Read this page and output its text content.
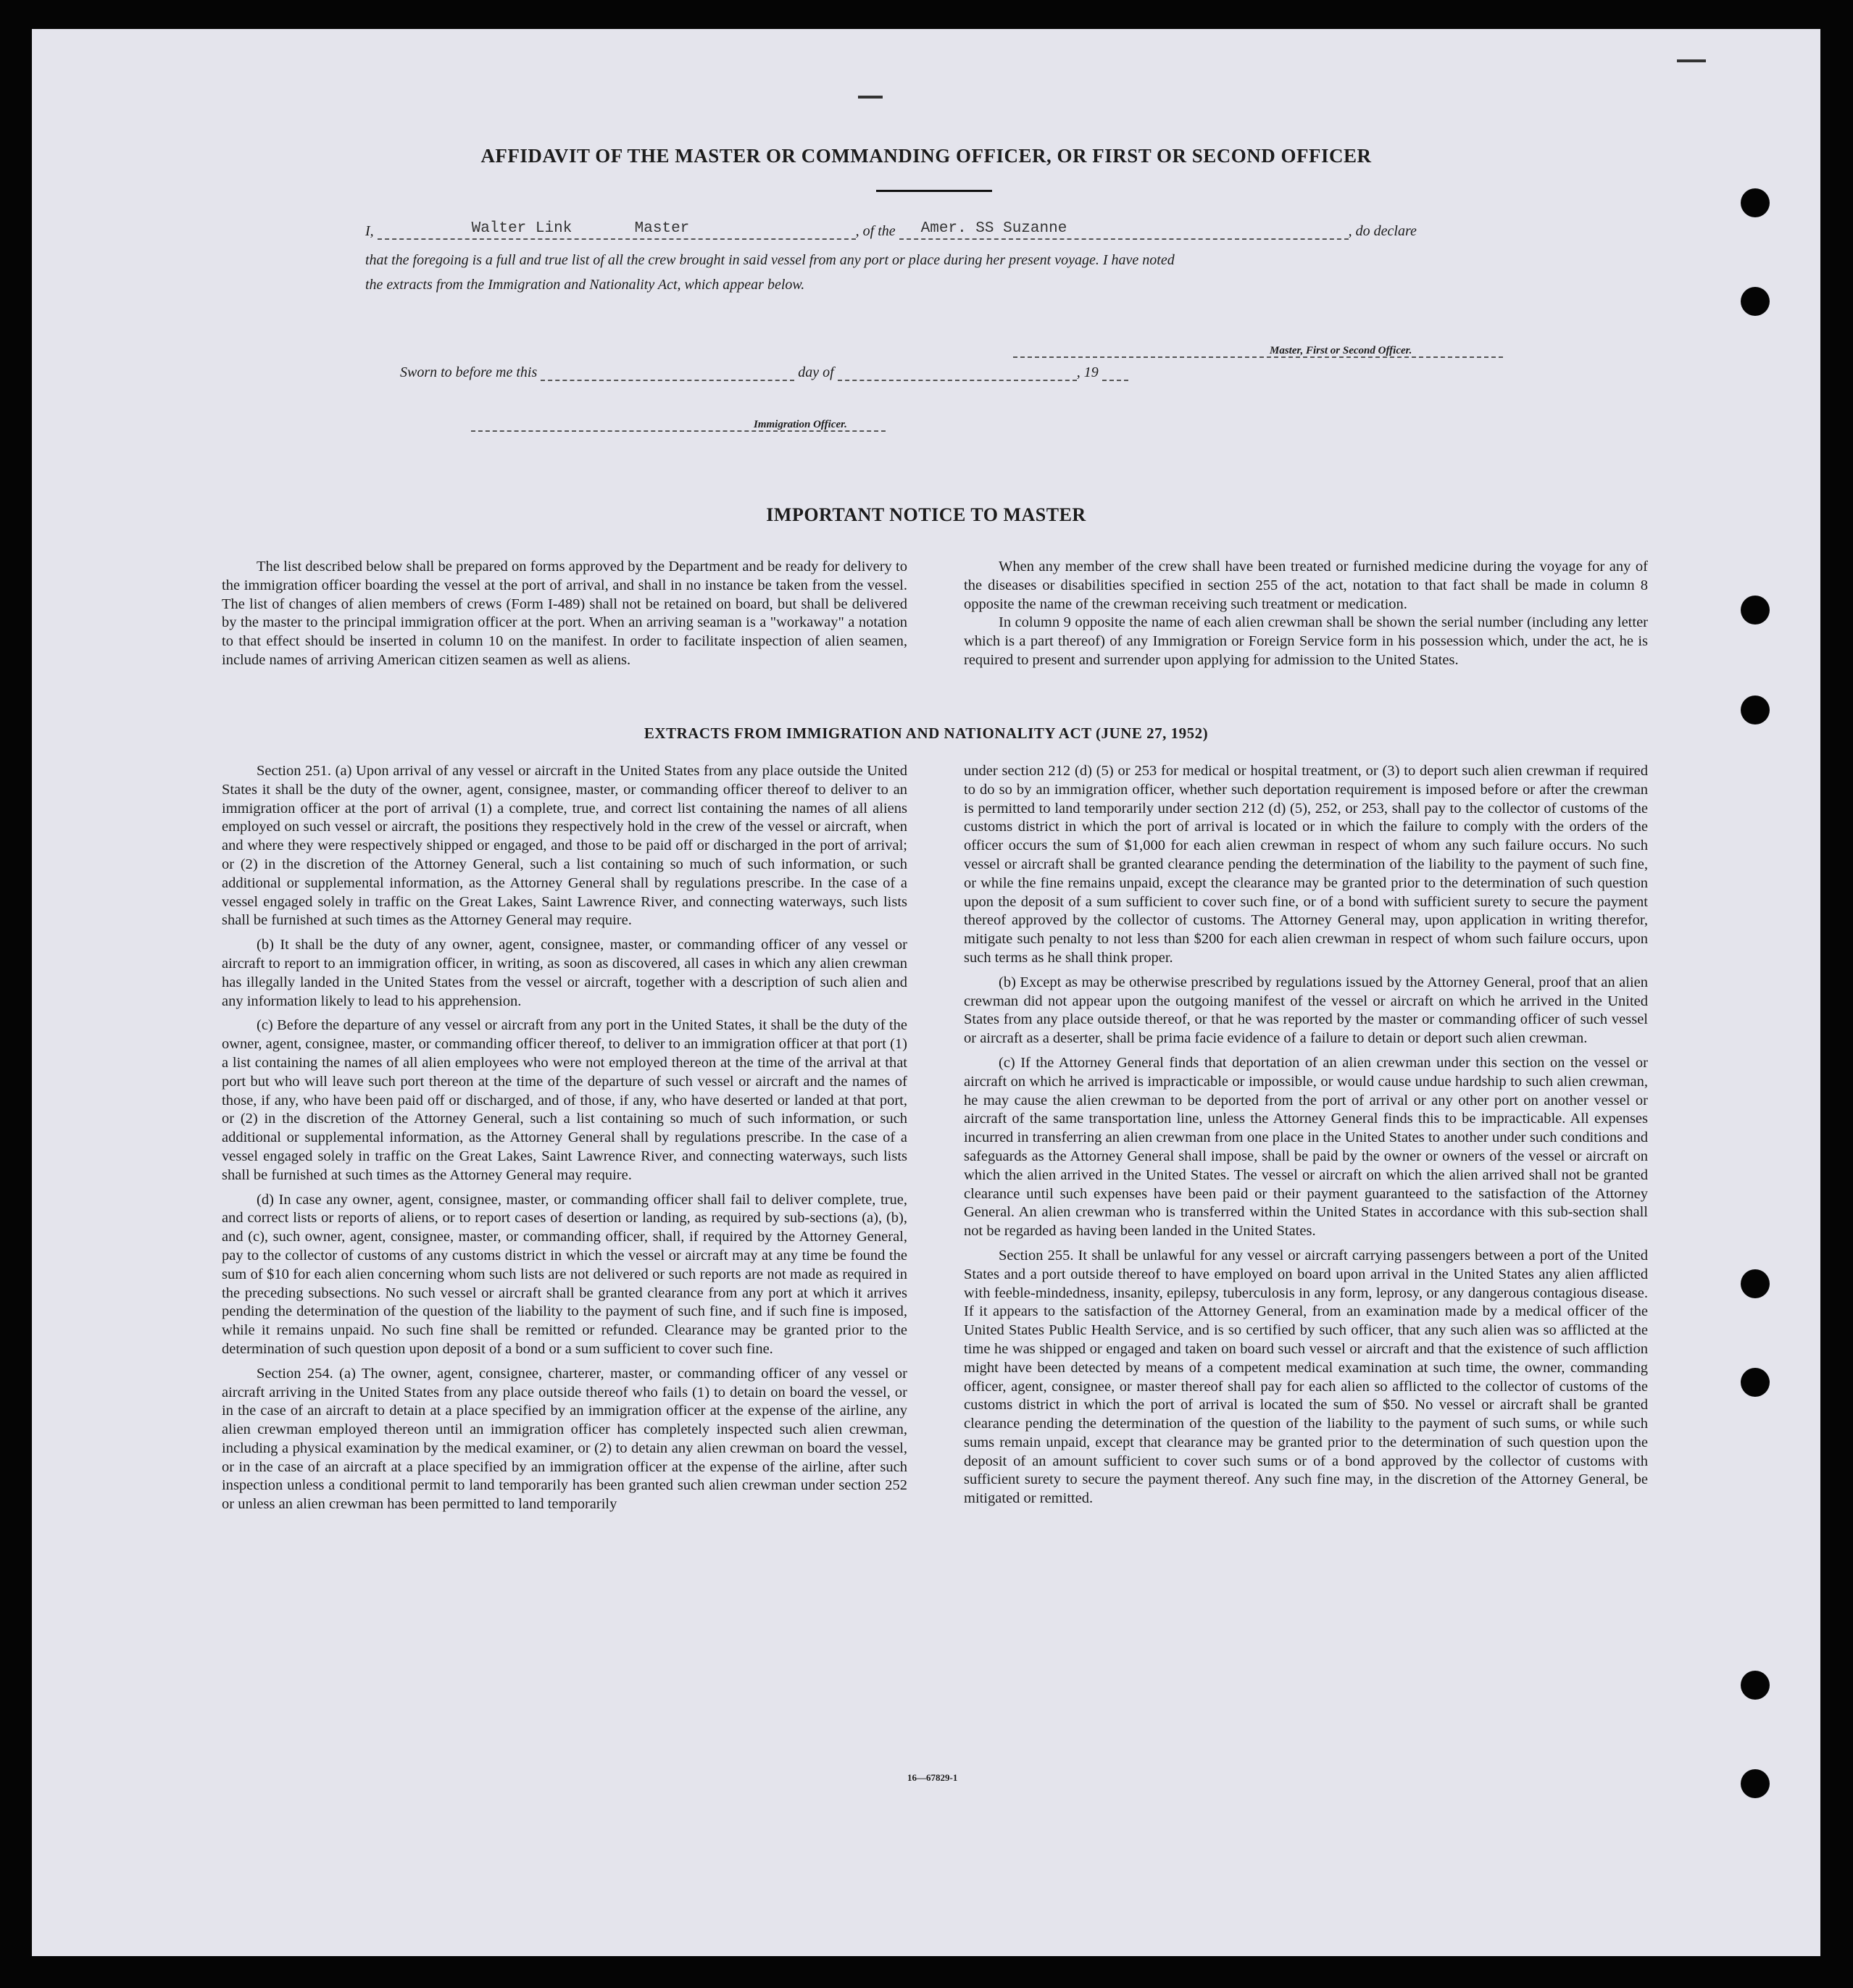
AFFIDAVIT OF THE MASTER OR COMMANDING OFFICER, OR FIRST OR SECOND OFFICER
I,	Walter Link	Master	, of the Amer. SS Suzanne	, do declare
that the foregoing is a full and true list of all the crew brought in said vessel from any port or place during her present voyage. I have noted
the extracts from the Immigration and Nationality Act, which appear below.
Master, First or Second Officer.
Sworn to before me this	day of	, 19
Immigration Officer.
IMPORTANT NOTICE TO MASTER

The list described below shall be prepared on forms approved by the Department and be ready for delivery to the immigration officer boarding the vessel at the port of arrival, and shall in no instance be taken from the vessel. The list of changes of alien members of crews (Form I-489) shall not be retained on board, but shall be delivered by the master to the principal immigration officer at the port. When an arriving seaman is a "workaway" a notation to that effect should be inserted in column 10 on the manifest. In order to facilitate inspection of alien seamen, include names of arriving American citizen seamen as well as aliens.

When any member of the crew shall have been treated or furnished medicine during the voyage for any of the diseases or disabilities specified in section 255 of the act, notation to that fact shall be made in column 8 opposite the name of the crewman receiving such treatment or medication.

In column 9 opposite the name of each alien crewman shall be shown the serial number (including any letter which is a part thereof) of any Immigration or Foreign Service form in his possession which, under the act, he is required to present and surrender upon applying for admission to the United States.

EXTRACTS FROM IMMIGRATION AND NATIONALITY ACT (JUNE 27, 1952)

Section 251. (a) Upon arrival of any vessel or aircraft in the United States from any place outside the United States it shall be the duty of the owner, agent, consignee, master, or commanding officer thereof to deliver to an immigration officer at the port of arrival (1) a complete, true, and correct list containing the names of all aliens employed on such vessel or aircraft, the positions they respectively hold in the crew of the vessel or aircraft, when and where they were respectively shipped or engaged, and those to be paid off or discharged in the port of arrival; or (2) in the discretion of the Attorney General, such a list containing so much of such information, or such additional or supplemental information, as the Attorney General shall by regulations prescribe. In the case of a vessel engaged solely in traffic on the Great Lakes, Saint Lawrence River, and connecting waterways, such lists shall be furnished at such times as the Attorney General may require.

(b) It shall be the duty of any owner, agent, consignee, master, or commanding officer of any vessel or aircraft to report to an immigration officer, in writing, as soon as discovered, all cases in which any alien crewman has illegally landed in the United States from the vessel or aircraft, together with a description of such alien and any information likely to lead to his apprehension.

(c) Before the departure of any vessel or aircraft from any port in the United States, it shall be the duty of the owner, agent, consignee, master, or commanding officer thereof, to deliver to an immigration officer at that port (1) a list containing the names of all alien employees who were not employed thereon at the time of the arrival at that port but who will leave such port thereon at the time of the departure of such vessel or aircraft and the names of those, if any, who have been paid off or discharged, and of those, if any, who have deserted or landed at that port, or (2) in the discretion of the Attorney General, such a list containing so much of such information, or such additional or supplemental information, as the Attorney General shall by regulations prescribe. In the case of a vessel engaged solely in traffic on the Great Lakes, Saint Lawrence River, and connecting waterways, such lists shall be furnished at such times as the Attorney General may require.

(d) In case any owner, agent, consignee, master, or commanding officer shall fail to deliver complete, true, and correct lists or reports of aliens, or to report cases of desertion or landing, as required by sub-sections (a), (b), and (c), such owner, agent, consignee, master, or commanding officer, shall, if required by the Attorney General, pay to the collector of customs of any customs district in which the vessel or aircraft may at any time be found the sum of $10 for each alien concerning whom such lists are not delivered or such reports are not made as required in the preceding subsections. No such vessel or aircraft shall be granted clearance from any port at which it arrives pending the determination of the question of the liability to the payment of such fine, and if such fine is imposed, while it remains unpaid. No such fine shall be remitted or refunded. Clearance may be granted prior to the determination of such question upon deposit of a bond or a sum sufficient to cover such fine.

Section 254. (a) The owner, agent, consignee, charterer, master, or commanding officer of any vessel or aircraft arriving in the United States from any place outside thereof who fails (1) to detain on board the vessel, or in the case of an aircraft to detain at a place specified by an immigration officer at the expense of the airline, any alien crewman employed thereon until an immigration officer has completely inspected such alien crewman, including a physical examination by the medical examiner, or (2) to detain any alien crewman on board the vessel, or in the case of an aircraft at a place specified by an immigration officer at the expense of the airline, after such inspection unless a conditional permit to land temporarily has been granted such alien crewman under section 252 or unless an alien crewman has been permitted to land temporarily

under section 212 (d) (5) or 253 for medical or hospital treatment, or (3) to deport such alien crewman if required to do so by an immigration officer, whether such deportation requirement is imposed before or after the crewman is permitted to land temporarily under section 212 (d) (5), 252, or 253, shall pay to the collector of customs of the customs district in which the port of arrival is located or in which the failure to comply with the orders of the officer occurs the sum of $1,000 for each alien crewman in respect of whom any such failure occurs. No such vessel or aircraft shall be granted clearance pending the determination of the liability to the payment of such fine, or while the fine remains unpaid, except the clearance may be granted prior to the determination of such question upon the deposit of a sum sufficient to cover such fine, or of a bond with sufficient surety to secure the payment thereof approved by the collector of customs. The Attorney General may, upon application in writing therefor, mitigate such penalty to not less than $200 for each alien crewman in respect of whom such failure occurs, upon such terms as he shall think proper.

(b) Except as may be otherwise prescribed by regulations issued by the Attorney General, proof that an alien crewman did not appear upon the outgoing manifest of the vessel or aircraft on which he arrived in the United States from any place outside thereof, or that he was reported by the master or commanding officer of such vessel or aircraft as a deserter, shall be prima facie evidence of a failure to detain or deport such alien crewman.

(c) If the Attorney General finds that deportation of an alien crewman under this section on the vessel or aircraft on which he arrived is impracticable or impossible, or would cause undue hardship to such alien crewman, he may cause the alien crewman to be deported from the port of arrival or any other port on another vessel or aircraft of the same transportation line, unless the Attorney General finds this to be impracticable. All expenses incurred in transferring an alien crewman from one place in the United States to another under such conditions and safeguards as the Attorney General shall impose, shall be paid by the owner or owners of the vessel or aircraft on which the alien arrived in the United States. The vessel or aircraft on which the alien arrived shall not be granted clearance until such expenses have been paid or their payment guaranteed to the satisfaction of the Attorney General. An alien crewman who is transferred within the United States in accordance with this sub-section shall not be regarded as having been landed in the United States.

Section 255. It shall be unlawful for any vessel or aircraft carrying passengers between a port of the United States and a port outside thereof to have employed on board upon arrival in the United States any alien afflicted with feeble-mindedness, insanity, epilepsy, tuberculosis in any form, leprosy, or any dangerous contagious disease. If it appears to the satisfaction of the Attorney General, from an examination made by a medical officer of the United States Public Health Service, and is so certified by such officer, that any such alien was so afflicted at the time he was shipped or engaged and taken on board such vessel or aircraft and that the existence of such affliction might have been detected by means of a competent medical examination at such time, the owner, commanding officer, agent, consignee, or master thereof shall pay for each alien so afflicted to the collector of customs of the customs district in which the port of arrival is located the sum of $50. No vessel or aircraft shall be granted clearance pending the determination of the question of the liability to the payment of such sums, or while such sums remain unpaid, except that clearance may be granted prior to the determination of such question upon the deposit of an amount sufficient to cover such sums or of a bond approved by the collector of customs with sufficient surety to secure the payment thereof. Any such fine may, in the discretion of the Attorney General, be mitigated or remitted.

16—67829-1
